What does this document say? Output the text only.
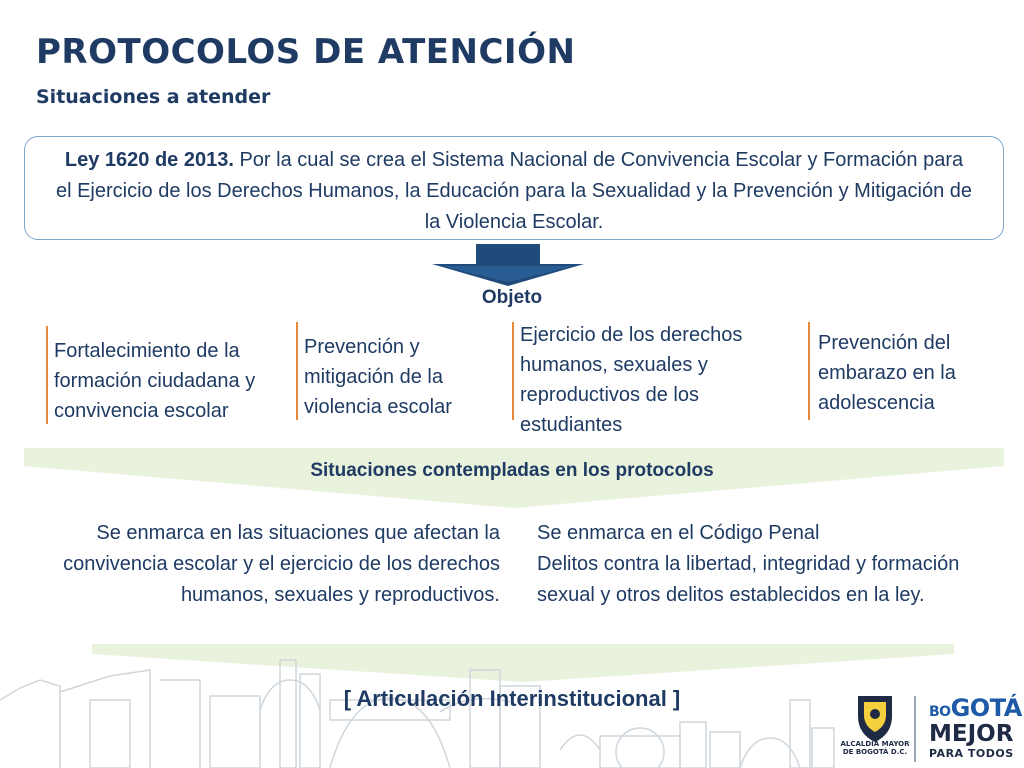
PROTOCOLOS DE ATENCIÓN
Situaciones a atender
Ley 1620 de 2013. Por la cual se crea el Sistema Nacional de Convivencia Escolar y Formación para el Ejercicio de los Derechos Humanos, la Educación para la Sexualidad y la Prevención y Mitigación de la Violencia Escolar.
Objeto
Fortalecimiento de la formación ciudadana y convivencia escolar
Prevención y mitigación de la violencia escolar
Ejercicio de los derechos humanos, sexuales y reproductivos de los estudiantes
Prevención del embarazo en la adolescencia
Situaciones contempladas en los protocolos
Se enmarca en las situaciones que afectan la convivencia escolar y el ejercicio de los derechos humanos, sexuales y reproductivos.
Se enmarca en el Código Penal
Delitos contra la libertad, integridad y formación sexual y otros delitos establecidos en la ley.
[ Articulación Interinstitucional ]
ALCALDÍA MAYOR
DE BOGOTÁ D.C.
BOGOTÁ
MEJOR
PARA TODOS
